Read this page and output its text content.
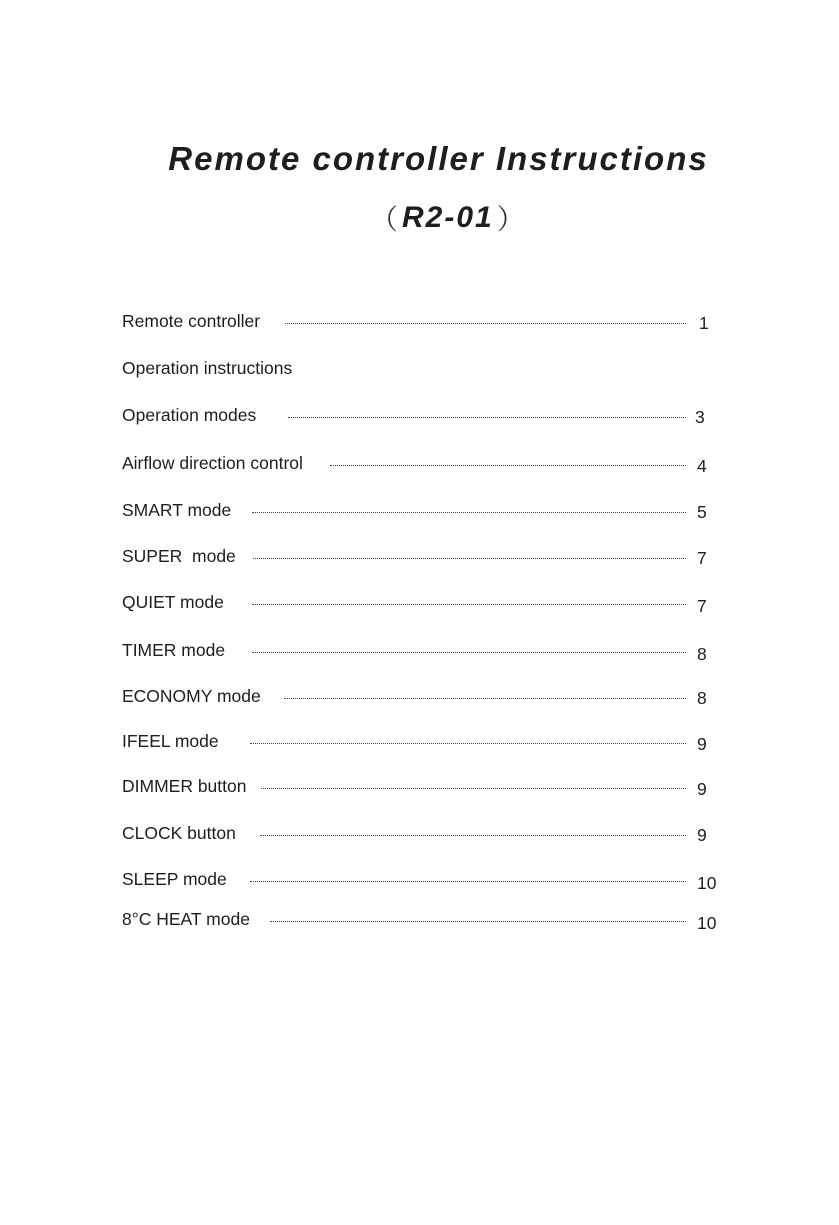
Remote controller Instructions
（ R2-01 ）
Remote controller	1
Operation instructions
Operation modes	3
Airflow direction control	4
SMART mode	5
SUPER  mode	7
QUIET mode	7
TIMER mode	8
ECONOMY mode	8
IFEEL mode	9
DIMMER button	9
CLOCK button	9
SLEEP mode	10
8°C HEAT mode	10
